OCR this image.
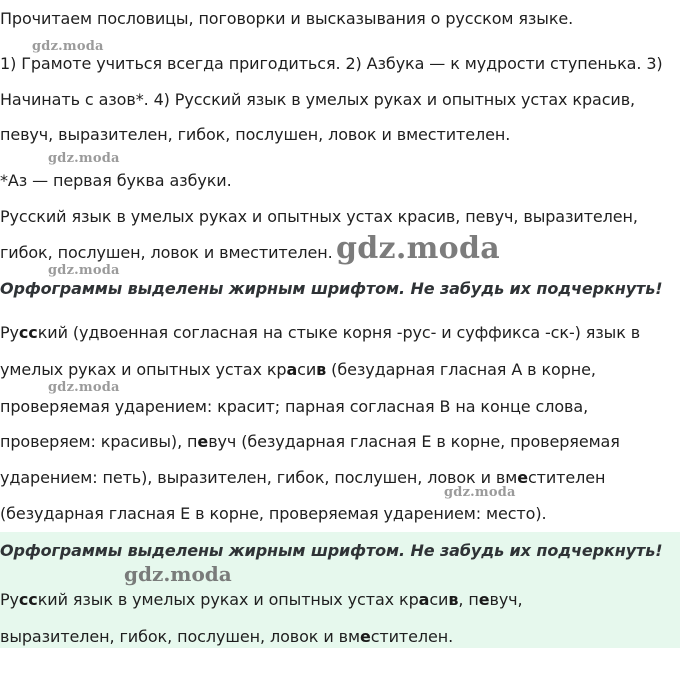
Прочитаем пословицы, поговорки и высказывания о русском языке.
1) Грамоте учиться всегда пригодиться. 2) Азбука — к мудрости ступенька. 3)
Начинать с азов*. 4) Русский язык в умелых руках и опытных устах красив,
певуч, выразителен, гибок, послушен, ловок и вместителен.
*Аз — первая буква азбуки.
Русский язык в умелых руках и опытных устах красив, певуч, выразителен,
гибок, послушен, ловок и вместителен.
Орфограммы выделены жирным шрифтом. Не забудь их подчеркнуть!
Русский (удвоенная согласная на стыке корня -рус- и суффикса -ск-) язык в
умелых руках и опытных устах красив (безударная гласная А в корне,
проверяемая ударением: красит; парная согласная В на конце слова,
проверяем: красивы), певуч (безударная гласная Е в корне, проверяемая
ударением: петь), выразителен, гибок, послушен, ловок и вместителен
(безударная гласная Е в корне, проверяемая ударением: место).
Орфограммы выделены жирным шрифтом. Не забудь их подчеркнуть!
Русский язык в умелых руках и опытных устах красив, певуч,
выразителен, гибок, послушен, ловок и вместителен.
gdz.moda
gdz.moda
gdz.moda
gdz.moda
gdz.moda
gdz.moda
gdz.moda
